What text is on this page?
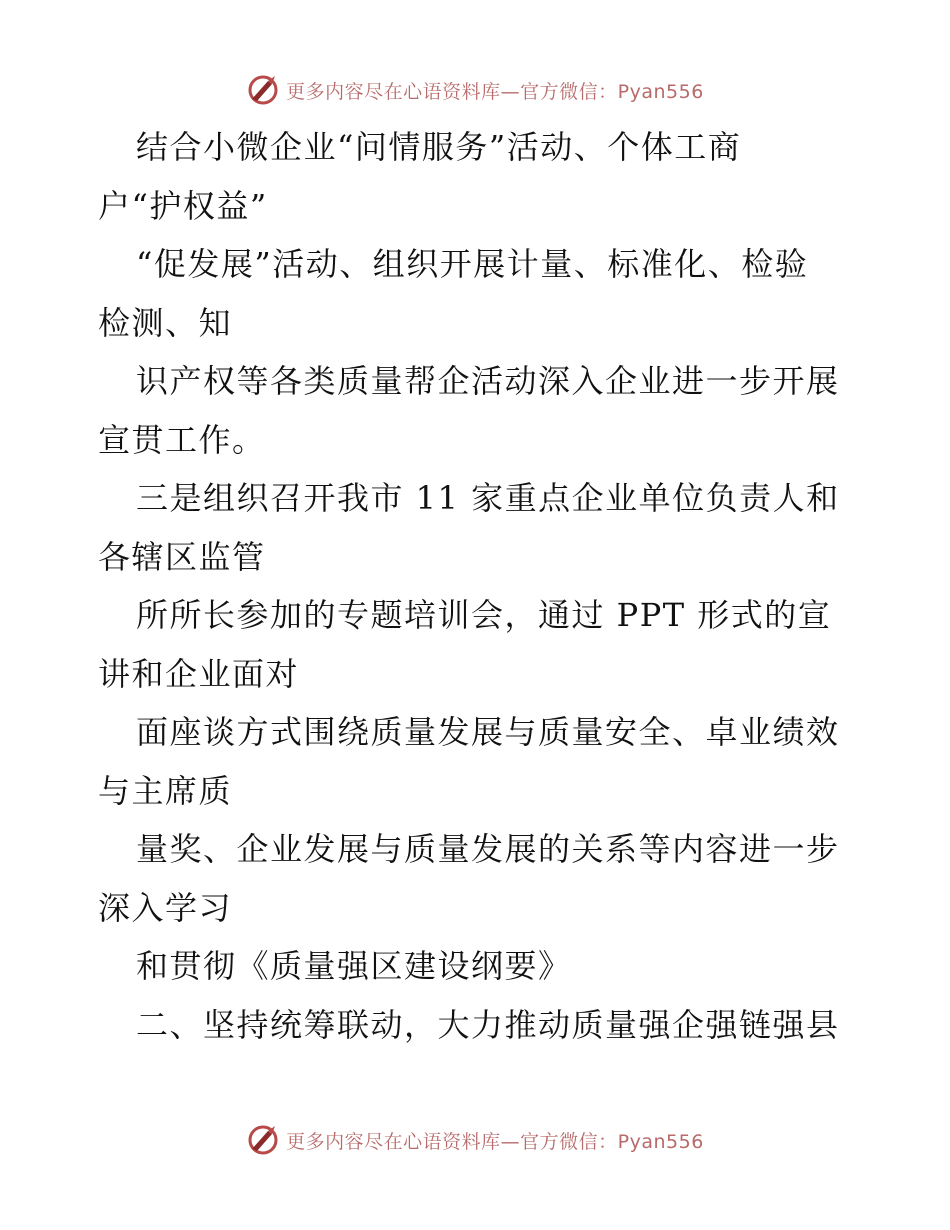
更多内容尽在心语资料库—官方微信：Pyan556
结合小微企业“问情服务”活动、个体工商
户“护权益”
“促发展”活动、组织开展计量、标准化、检验
检测、知
识产权等各类质量帮企活动深入企业进一步开展
宣贯工作。
三是组织召开我市 11 家重点企业单位负责人和
各辖区监管
所所长参加的专题培训会，通过 PPT 形式的宣
讲和企业面对
面座谈方式围绕质量发展与质量安全、卓业绩效
与主席质
量奖、企业发展与质量发展的关系等内容进一步
深入学习
和贯彻《质量强区建设纲要》
二、坚持统筹联动，大力推动质量强企强链强县
更多内容尽在心语资料库—官方微信：Pyan556
